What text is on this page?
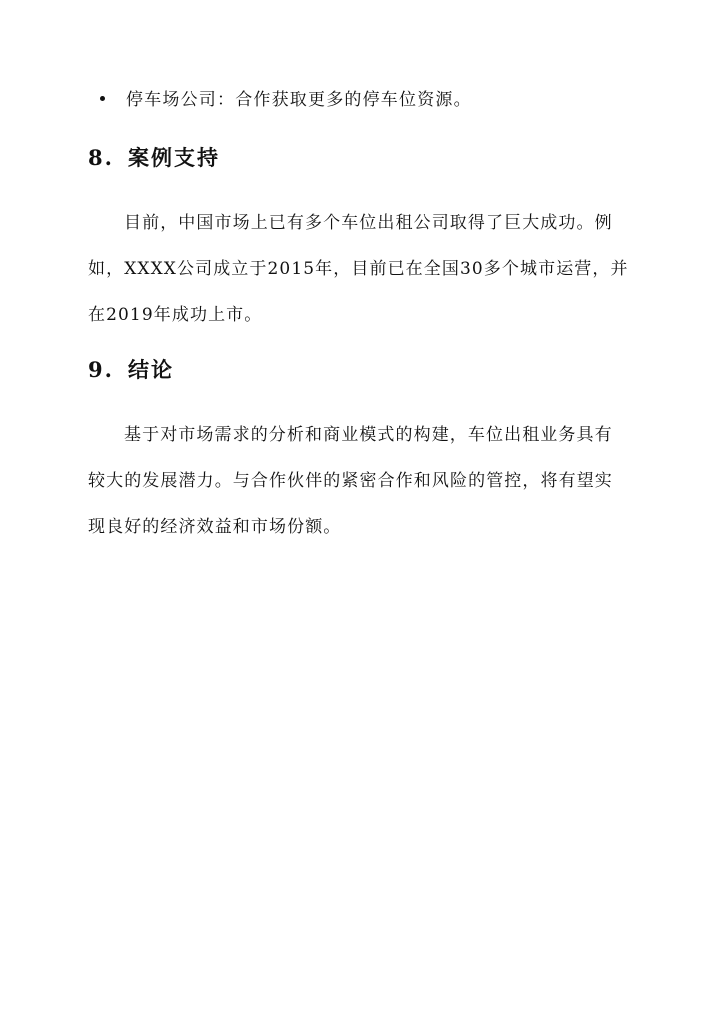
停车场公司：合作获取更多的停车位资源。
8. 案例支持
目前，中国市场上已有多个车位出租公司取得了巨大成功。例
如，XXXX公司成立于2015年，目前已在全国30多个城市运营，并
在2019年成功上市。
9. 结论
基于对市场需求的分析和商业模式的构建，车位出租业务具有
较大的发展潜力。与合作伙伴的紧密合作和风险的管控，将有望实
现良好的经济效益和市场份额。
